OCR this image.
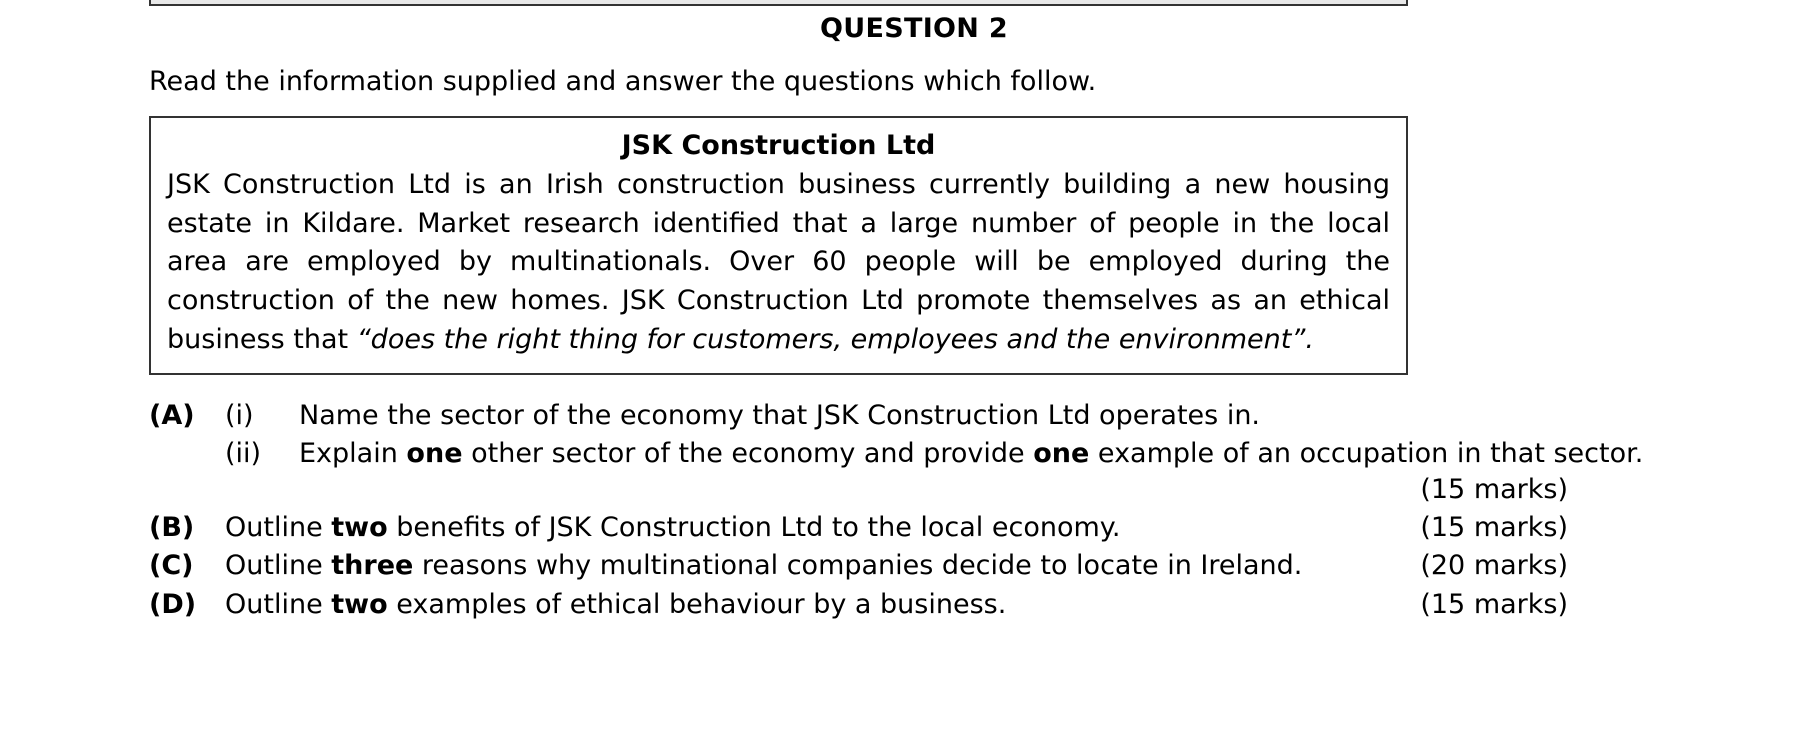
QUESTION 2
Read the information supplied and answer the questions which follow.
JSK Construction Ltd

JSK Construction Ltd is an Irish construction business currently building a new housing estate in Kildare. Market research identified that a large number of people in the local area are employed by multinationals. Over 60 people will be employed during the construction of the new homes. JSK Construction Ltd promote themselves as an ethical business that “does the right thing for customers, employees and the environment”.

(A)	(i)	Name the sector of the economy that JSK Construction Ltd operates in.
(ii)	Explain one other sector of the economy and provide one example of an occupation in that sector.
(15 marks)
(B)	Outline two benefits of JSK Construction Ltd to the local economy.	(15 marks)
(C)	Outline three reasons why multinational companies decide to locate in Ireland.	(20 marks)
(D)	Outline two examples of ethical behaviour by a business.	(15 marks)
